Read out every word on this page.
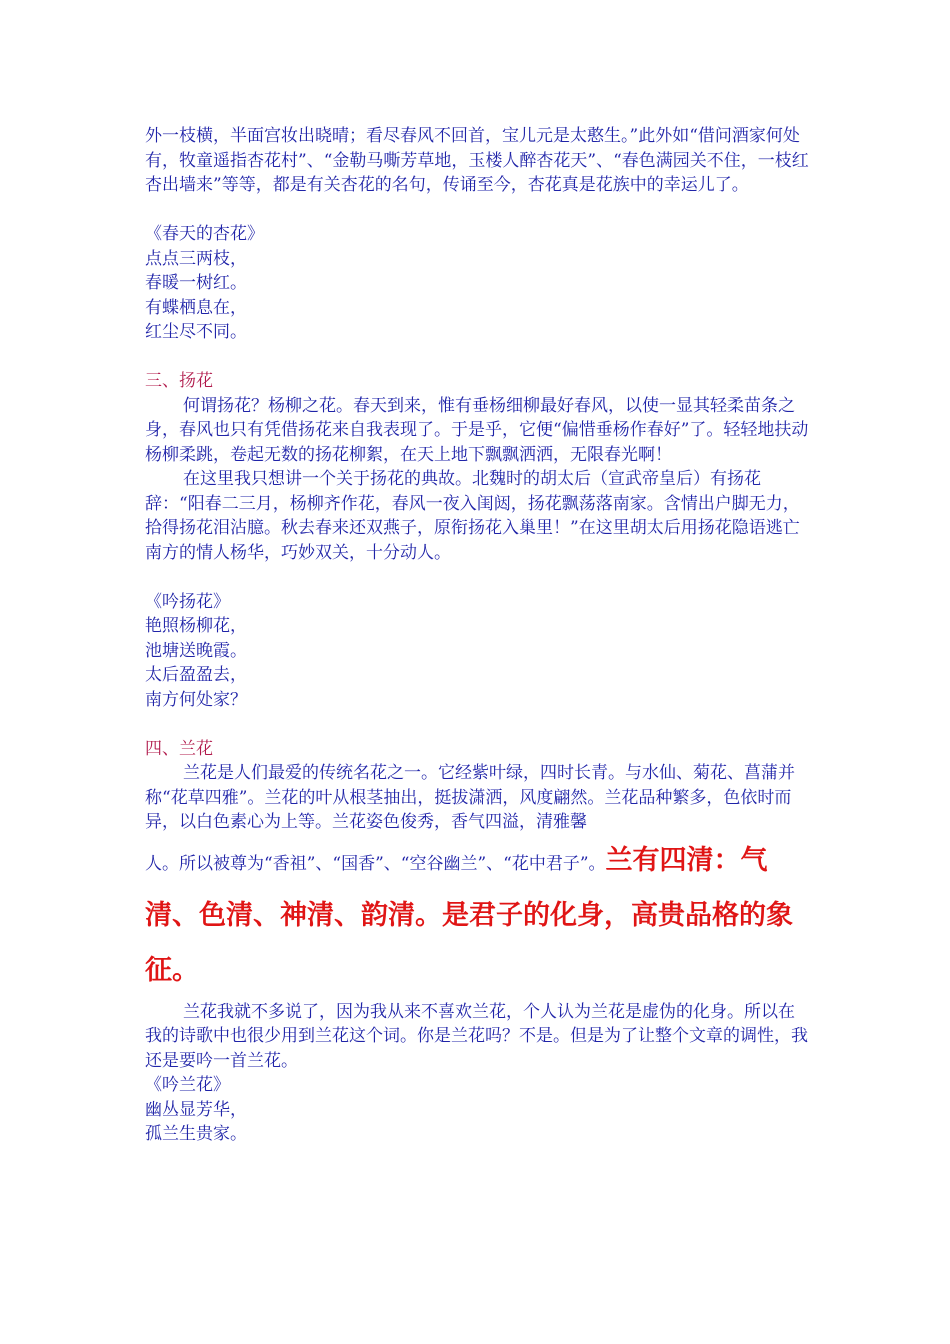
外一枝横，半面宫妆出晓晴；看尽春风不回首，宝儿元是太憨生。”此外如“借问酒家何处有，牧童遥指杏花村”、“金勒马嘶芳草地，玉楼人醉杏花天”、“春色满园关不住，一枝红杏出墙来”等等，都是有关杏花的名句，传诵至今，杏花真是花族中的幸运儿了。

《春天的杏花》

点点三两枝，

春暖一树红。

有蝶栖息在，

红尘尽不同。

三、扬花

何谓扬花？杨柳之花。春天到来，惟有垂杨细柳最好春风，以使一显其轻柔苗条之身，春风也只有凭借扬花来自我表现了。于是乎，它便“偏惜垂杨作春好”了。轻轻地扶动杨柳柔跳，卷起无数的扬花柳絮，在天上地下飘飘洒洒，无限春光啊！

在这里我只想讲一个关于扬花的典故。北魏时的胡太后（宣武帝皇后）有扬花辞：“阳春二三月，杨柳齐作花，春风一夜入闺闼，扬花飘荡落南家。含情出户脚无力，拾得扬花泪沾臆。秋去春来还双燕子，原衔扬花入巢里！”在这里胡太后用扬花隐语逃亡南方的情人杨华，巧妙双关，十分动人。

《吟扬花》

艳照杨柳花，

池塘送晚霞。

太后盈盈去，

南方何处家？

四、兰花

兰花是人们最爱的传统名花之一。它经紫叶绿，四时长青。与水仙、菊花、菖蒲并称“花草四雅”。兰花的叶从根茎抽出，挺拔潇洒，风度翩然。兰花品种繁多，色依时而异，以白色素心为上等。兰花姿色俊秀，香气四溢，清雅馨

人。所以被尊为“香祖”、“国香”、“空谷幽兰”、“花中君子”。兰有四清：气清、色清、神清、韵清。是君子的化身，高贵品格的象征。

兰花我就不多说了，因为我从来不喜欢兰花，个人认为兰花是虚伪的化身。所以在我的诗歌中也很少用到兰花这个词。你是兰花吗？不是。但是为了让整个文章的调性，我还是要吟一首兰花。

《吟兰花》

幽丛显芳华，

孤兰生贵家。
